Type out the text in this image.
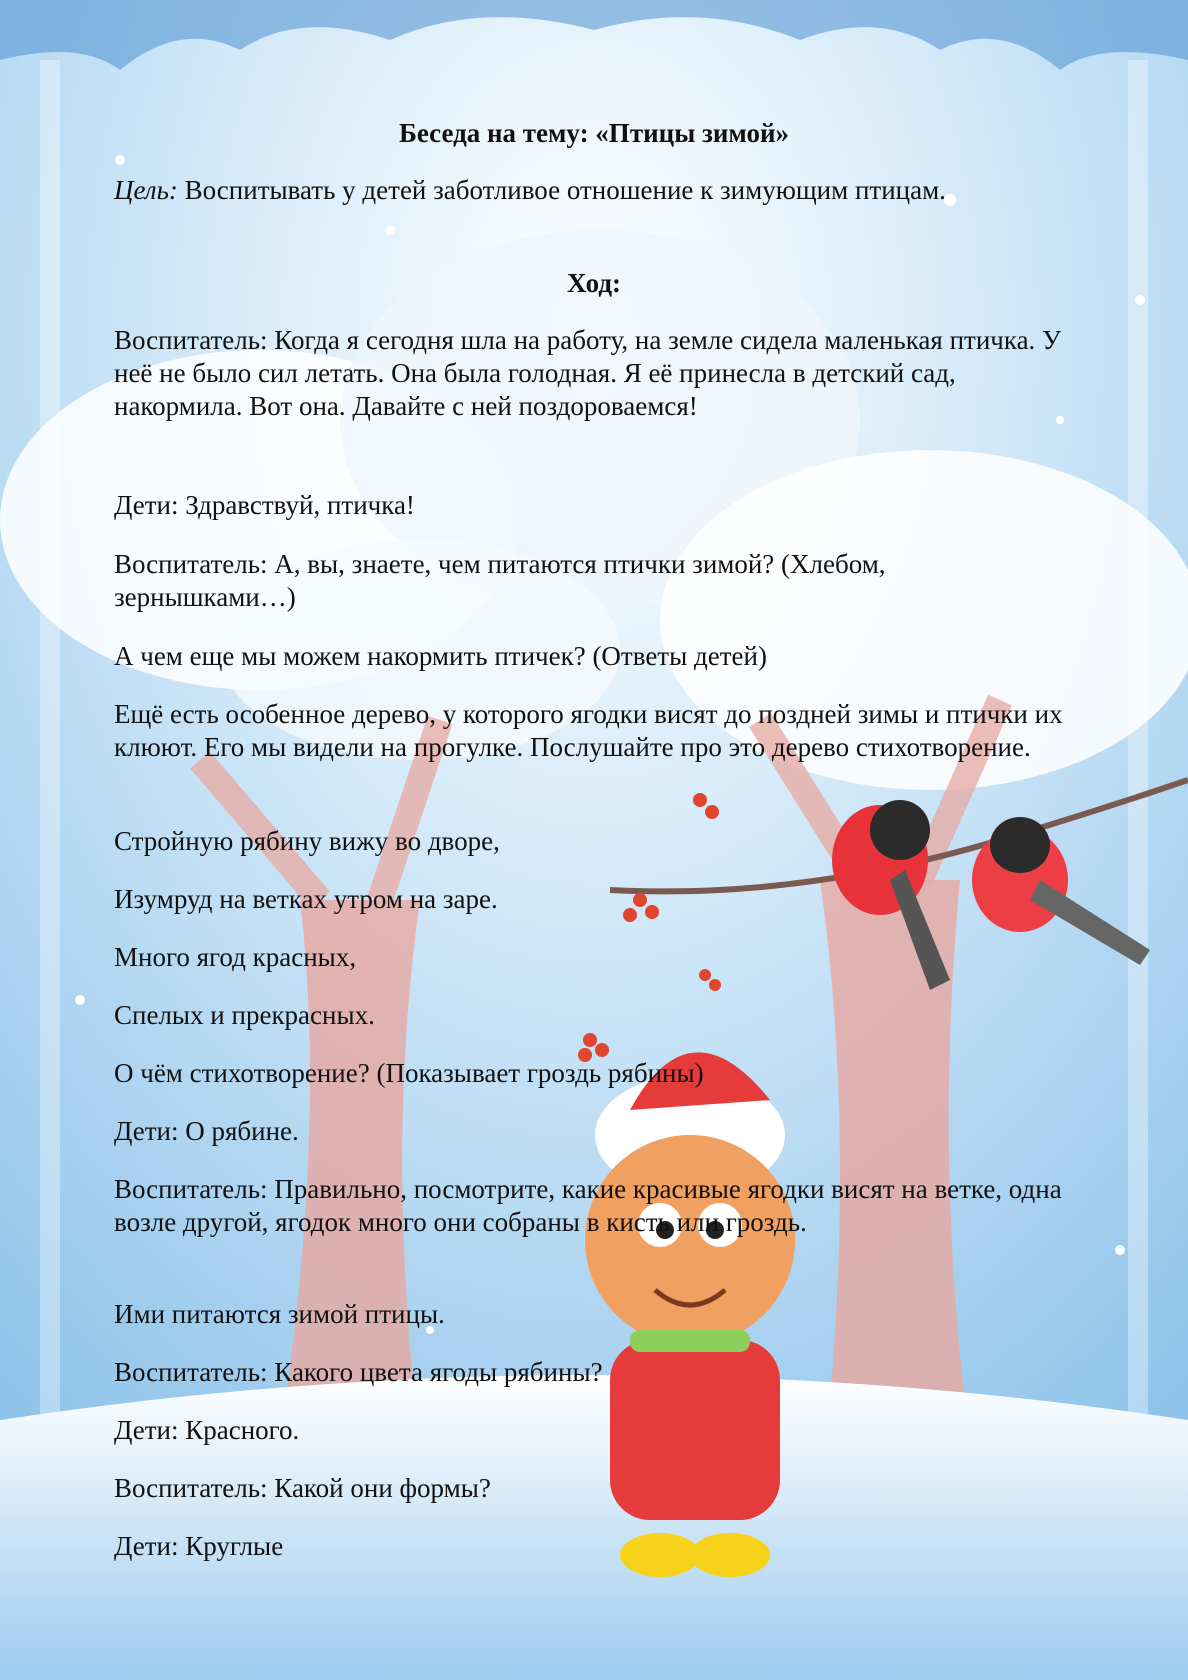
Беседа на тему: «Птицы зимой»

Цель: Воспитывать у детей заботливое отношение к зимующим птицам.

Ход:

Воспитатель: Когда я сегодня шла на работу, на земле сидела маленькая птичка. У неё не было сил летать. Она была голодная. Я её принесла в детский сад, накормила. Вот она. Давайте с ней поздороваемся!

Дети: Здравствуй, птичка!

Воспитатель: А, вы, знаете, чем питаются птички зимой? (Хлебом, зернышками…)

А чем еще мы можем накормить птичек? (Ответы детей)

Ещё есть особенное дерево, у которого ягодки висят до поздней зимы и птички их клюют. Его мы видели на прогулке. Послушайте про это дерево стихотворение.

Стройную рябину вижу во дворе,

Изумруд на ветках утром на заре.

Много ягод красных,

Спелых и прекрасных.

О чём стихотворение? (Показывает гроздь рябины)

Дети: О рябине.

Воспитатель: Правильно, посмотрите, какие красивые ягодки висят на ветке, одна возле другой, ягодок много они собраны в кисть или гроздь.

Ими питаются зимой птицы.

Воспитатель: Какого цвета ягоды рябины?

Дети: Красного.

Воспитатель: Какой они формы?

Дети: Круглые
